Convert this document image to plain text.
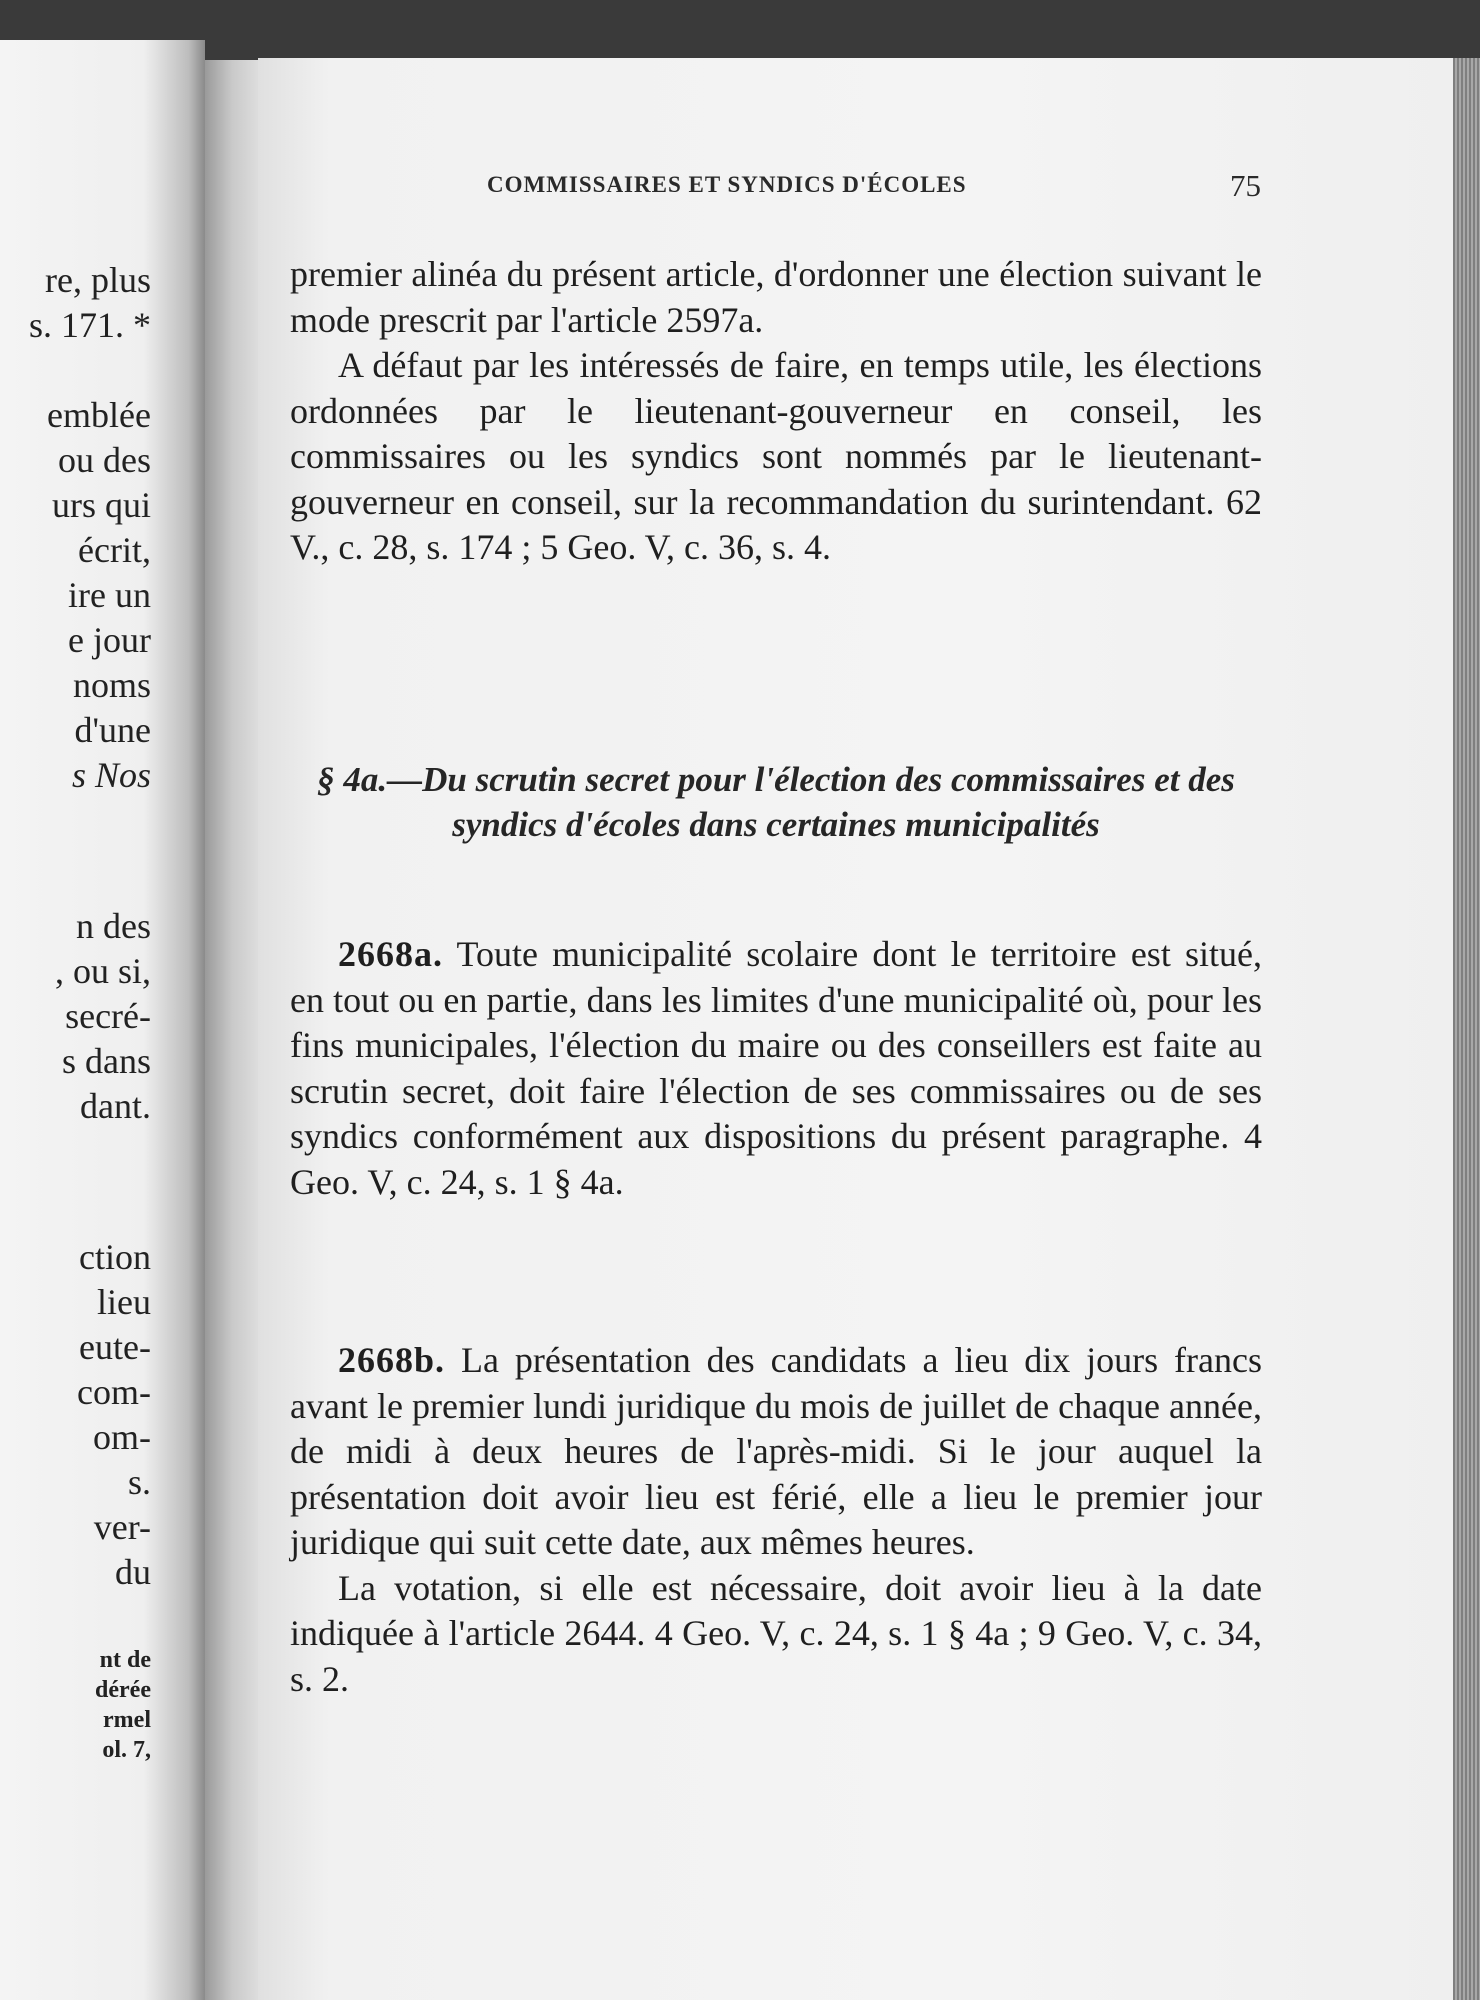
re, plus
s. 171. *
emblée
ou des
urs qui
écrit,
ire un
e jour
noms
d'une
s Nos
n des
, ou si,
secré-
s dans
dant.
ction
lieu
eute-
com-
om-
s.
ver-
du
nt de
dérée
rmel
ol. 7,
COMMISSAIRES ET SYNDICS D'ÉCOLES	75

premier alinéa du présent article, d'ordonner une élection suivant le mode prescrit par l'article 2597a.

A défaut par les intéressés de faire, en temps utile, les élections ordonnées par le lieutenant-gouverneur en conseil, les commissaires ou les syndics sont nommés par le lieutenant-gouverneur en conseil, sur la recommandation du surintendant. 62 V., c. 28, s. 174 ; 5 Geo. V, c. 36, s. 4.

§ 4a.—Du scrutin secret pour l'élection des commissaires et des syndics d'écoles dans certaines municipalités

2668a. Toute municipalité scolaire dont le territoire est situé, en tout ou en partie, dans les limites d'une municipalité où, pour les fins municipales, l'élection du maire ou des conseillers est faite au scrutin secret, doit faire l'élection de ses commissaires ou de ses syndics conformément aux dispositions du présent paragraphe. 4 Geo. V, c. 24, s. 1 § 4a.

2668b. La présentation des candidats a lieu dix jours francs avant le premier lundi juridique du mois de juillet de chaque année, de midi à deux heures de l'après-midi. Si le jour auquel la présentation doit avoir lieu est férié, elle a lieu le premier jour juridique qui suit cette date, aux mêmes heures.

La votation, si elle est nécessaire, doit avoir lieu à la date indiquée à l'article 2644. 4 Geo. V, c. 24, s. 1 § 4a ; 9 Geo. V, c. 34, s. 2.
